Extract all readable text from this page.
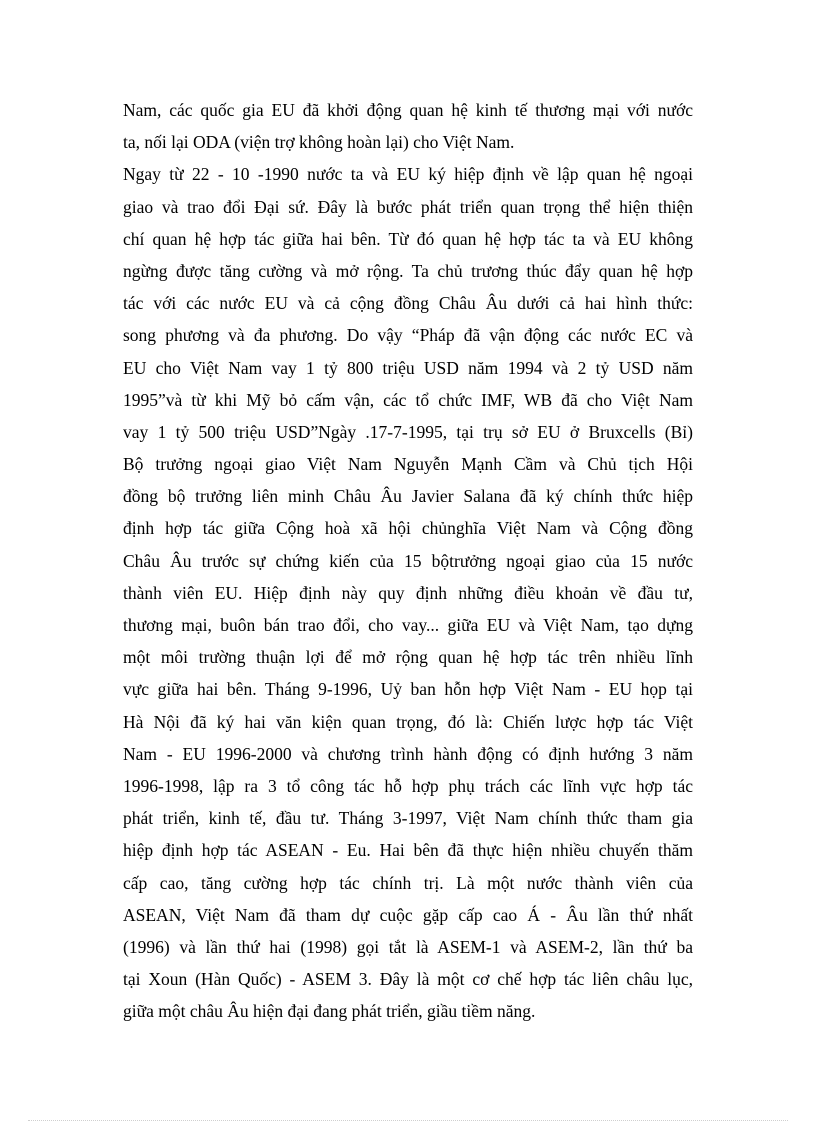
Nam, các quốc gia EU đã khởi động quan hệ kinh tế thương mại với nước
ta, nối lại ODA (viện trợ không hoàn lại) cho Việt Nam.
Ngay từ 22 - 10 -1990 nước ta và EU ký hiệp định về lập quan hệ ngoại
giao và trao đổi Đại sứ. Đây là bước phát triển quan trọng thể hiện thiện
chí quan hệ hợp tác giữa hai bên. Từ đó quan hệ hợp tác ta và EU không
ngừng được tăng cường và mở rộng. Ta chủ trương thúc đẩy quan hệ hợp
tác với các nước EU và cả cộng đồng Châu Âu dưới cả hai hình thức:
song phương và đa phương. Do vậy “Pháp đã vận động các nước EC và
EU cho Việt Nam vay 1 tỷ 800 triệu USD năm 1994 và 2 tỷ USD năm
1995”và từ khi Mỹ bỏ cấm vận, các tổ chức IMF, WB đã cho Việt Nam
vay 1 tỷ 500 triệu USD”Ngày .17-7-1995, tại trụ sở EU ở Bruxcells (Bỉ)
Bộ trưởng ngoại giao Việt Nam Nguyễn Mạnh Cầm và Chủ tịch Hội
đồng bộ trưởng liên minh Châu Âu Javier Salana đã ký chính thức hiệp
định hợp tác giữa Cộng hoà xã hội chủnghĩa Việt Nam và Cộng đồng
Châu Âu trước sự chứng kiến của 15 bộtrưởng ngoại giao của 15 nước
thành viên EU. Hiệp định này quy định những điều khoản về đầu tư,
thương mại, buôn bán trao đổi, cho vay... giữa EU và Việt Nam, tạo dựng
một môi trường thuận lợi để mở rộng quan hệ hợp tác trên nhiều lĩnh
vực giữa hai bên. Tháng 9-1996, Uỷ ban hỗn hợp Việt Nam - EU họp tại
Hà Nội đã ký hai văn kiện quan trọng, đó là: Chiến lược hợp tác Việt
Nam - EU 1996-2000 và chương trình hành động có định hướng 3 năm
1996-1998, lập ra 3 tổ công tác hỗ hợp phụ trách các lĩnh vực hợp tác
phát triển, kinh tế, đầu tư. Tháng 3-1997, Việt Nam chính thức tham gia
hiệp định hợp tác ASEAN - Eu. Hai bên đã thực hiện nhiều chuyến thăm
cấp cao, tăng cường hợp tác chính trị. Là một nước thành viên của
ASEAN, Việt Nam đã tham dự cuộc gặp cấp cao Á - Âu lần thứ nhất
(1996) và lần thứ hai (1998) gọi tắt là ASEM-1 và ASEM-2, lần thứ ba
tại Xoun (Hàn Quốc) - ASEM 3. Đây là một cơ chế hợp tác liên châu lục,
giữa một châu Âu hiện đại đang phát triển, giầu tiềm năng.
